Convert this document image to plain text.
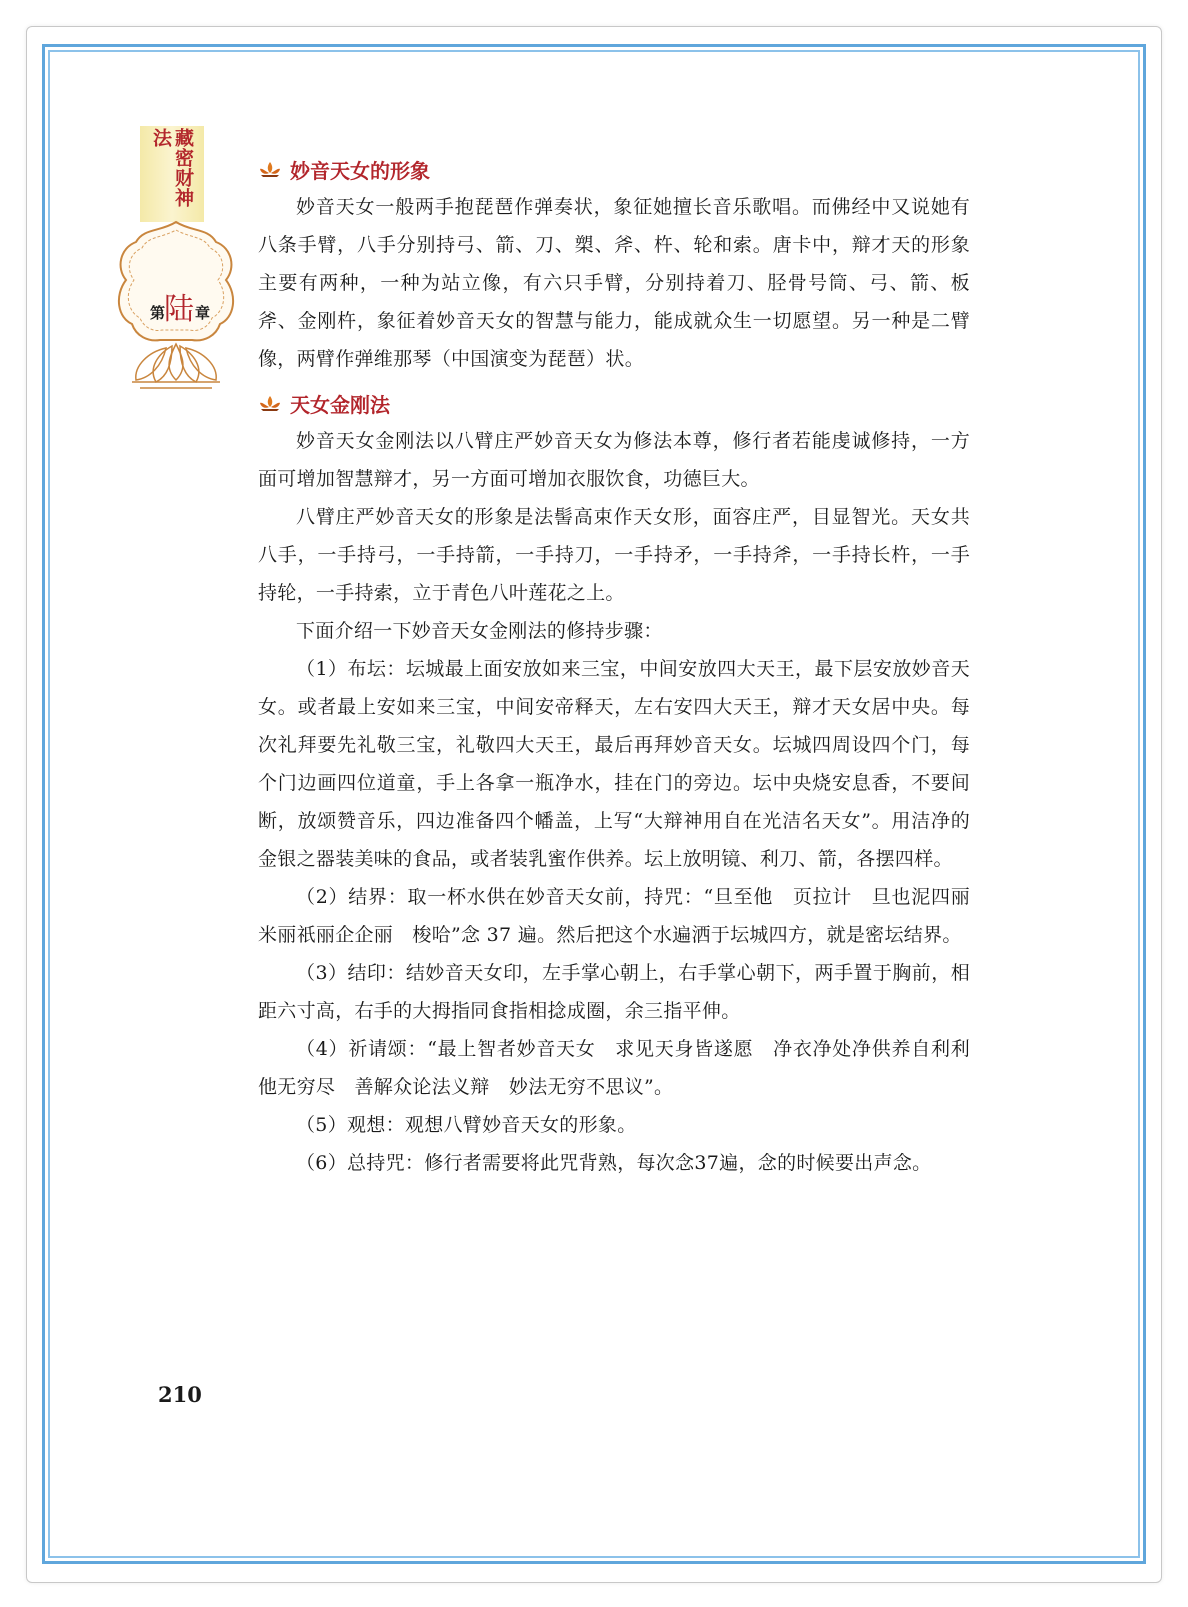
藏密财神法
第
陆 章
妙音天女的形象

妙音天女一般两手抱琵琶作弹奏状，象征她擅长音乐歌唱。而佛经中又说她有八条手臂，八手分别持弓、箭、刀、槊、斧、杵、轮和索。唐卡中，辩才天的形象主要有两种，一种为站立像，有六只手臂，分别持着刀、胫骨号筒、弓、箭、板斧、金刚杵，象征着妙音天女的智慧与能力，能成就众生一切愿望。另一种是二臂像，两臂作弹维那琴（中国演变为琵琶）状。

天女金刚法

妙音天女金刚法以八臂庄严妙音天女为修法本尊，修行者若能虔诚修持，一方面可增加智慧辩才，另一方面可增加衣服饮食，功德巨大。

八臂庄严妙音天女的形象是法髻高束作天女形，面容庄严，目显智光。天女共八手，一手持弓，一手持箭，一手持刀，一手持矛，一手持斧，一手持长杵，一手持轮，一手持索，立于青色八叶莲花之上。

下面介绍一下妙音天女金刚法的修持步骤：

（1）布坛：坛城最上面安放如来三宝，中间安放四大天王，最下层安放妙音天女。或者最上安如来三宝，中间安帝释天，左右安四大天王，辩才天女居中央。每次礼拜要先礼敬三宝，礼敬四大天王，最后再拜妙音天女。坛城四周设四个门，每个门边画四位道童，手上各拿一瓶净水，挂在门的旁边。坛中央烧安息香，不要间断，放颂赞音乐，四边准备四个幡盖，上写“大辩神用自在光洁名天女”。用洁净的金银之器装美味的食品，或者装乳蜜作供养。坛上放明镜、利刀、箭，各摆四样。

（2）结界：取一杯水供在妙音天女前，持咒：“旦至他　页拉计　旦也泥四丽　米丽祇丽企企丽　梭哈”念 37 遍。然后把这个水遍洒于坛城四方，就是密坛结界。

（3）结印：结妙音天女印，左手掌心朝上，右手掌心朝下，两手置于胸前，相距六寸高，右手的大拇指同食指相捻成圈，余三指平伸。

（4）祈请颂：“最上智者妙音天女　求见天身皆遂愿　净衣净处净供养自利利他无穷尽　善解众论法义辩　妙法无穷不思议”。

（5）观想：观想八臂妙音天女的形象。

（6）总持咒：修行者需要将此咒背熟，每次念37遍，念的时候要出声念。

210
